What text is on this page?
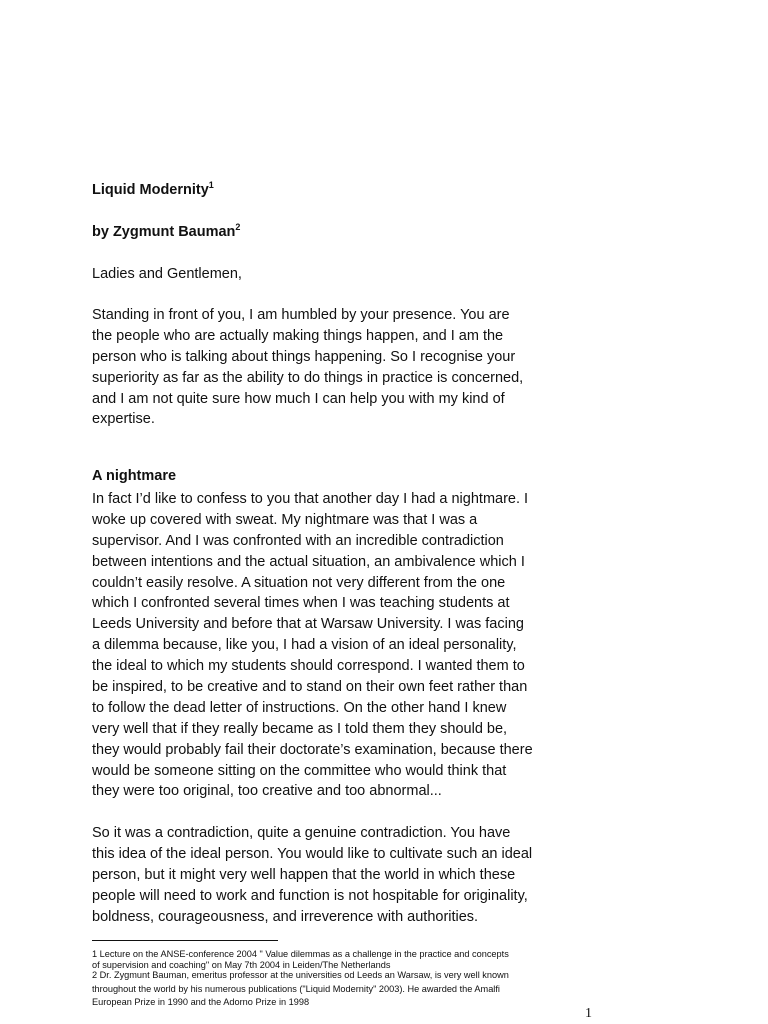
Liquid Modernity$^1$

by Zygmunt Bauman$^2$

Ladies and Gentlemen,

Standing in front of you, I am humbled by your presence. You are
the people who are actually making things happen, and I am the
person who is talking about things happening. So I recognise your
superiority as far as the ability to do things in practice is concerned,
and I am not quite sure how much I can help you with my kind of
expertise.

A nightmare

In fact I’d like to confess to you that another day I had a nightmare. I
woke up covered with sweat. My nightmare was that I was a
supervisor. And I was confronted with an incredible contradiction
between intentions and the actual situation, an ambivalence which I
couldn’t easily resolve. A situation not very different from the one
which I confronted several times when I was teaching students at
Leeds University and before that at Warsaw University. I was facing
a dilemma because, like you, I had a vision of an ideal personality,
the ideal to which my students should correspond. I wanted them to
be inspired, to be creative and to stand on their own feet rather than
to follow the dead letter of instructions. On the other hand I knew
very well that if they really became as I told them they should be,
they would probably fail their doctorate’s examination, because there
would be someone sitting on the committee who would think that
they were too original, too creative and too abnormal...

So it was a contradiction, quite a genuine contradiction. You have
this idea of the ideal person. You would like to cultivate such an ideal
person, but it might very well happen that the world in which these
people will need to work and function is not hospitable for originality,
boldness, courageousness, and irreverence with authorities.

1 Lecture on the ANSE-conference 2004 " Value dilemmas as a challenge in the practice and concepts
of supervision and coaching" on May 7th 2004 in Leiden/The Netherlands
2 Dr. Zygmunt Bauman, emeritus professor at the universities od Leeds an Warsaw, is very well known
throughout the world by his numerous publications ("Liquid Modernity" 2003). He awarded the Amalfi
European Prize in 1990 and the Adorno Prize in 1998
1
